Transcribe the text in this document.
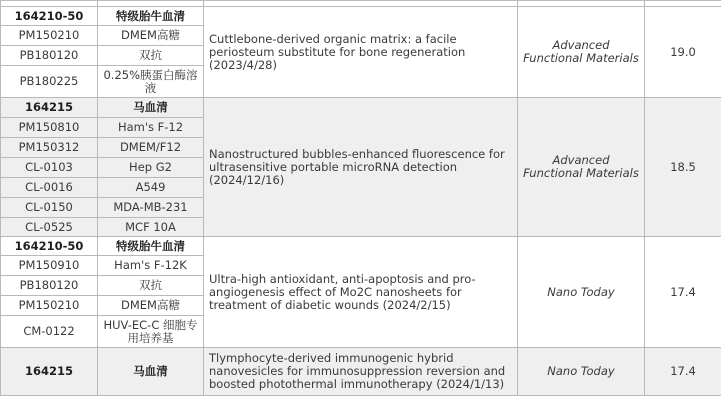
164210-50	特级胎牛血清	Cuttlebone-derived organic matrix: a facile periosteum substitute for bone regeneration (2023/4/28)	Advanced Functional Materials	19.0
PM150210	DMEM高糖			
PB180120	双抗			
PB180225	0.25%胰蛋白酶溶液			
164215	马血清	Nanostructured bubbles-enhanced fluorescence for ultrasensitive portable microRNA detection (2024/12/16)	Advanced Functional Materials	18.5
PM150810	Ham's F-12			
PM150312	DMEM/F12			
CL-0103	Hep G2			
CL-0016	A549			
CL-0150	MDA-MB-231			
CL-0525	MCF 10A			
164210-50	特级胎牛血清	Ultra-high antioxidant, anti-apoptosis and pro-angiogenesis effect of Mo2C nanosheets for treatment of diabetic wounds (2024/2/15)	Nano Today	17.4
PM150910	Ham's F-12K			
PB180120	双抗			
PM150210	DMEM高糖			
CM-0122	HUV-EC-C 细胞专用培养基			
164215	马血清	Tlymphocyte-derived immunogenic hybrid nanovesicles for immunosuppression reversion and boosted photothermal immunotherapy (2024/1/13)	Nano Today	17.4
